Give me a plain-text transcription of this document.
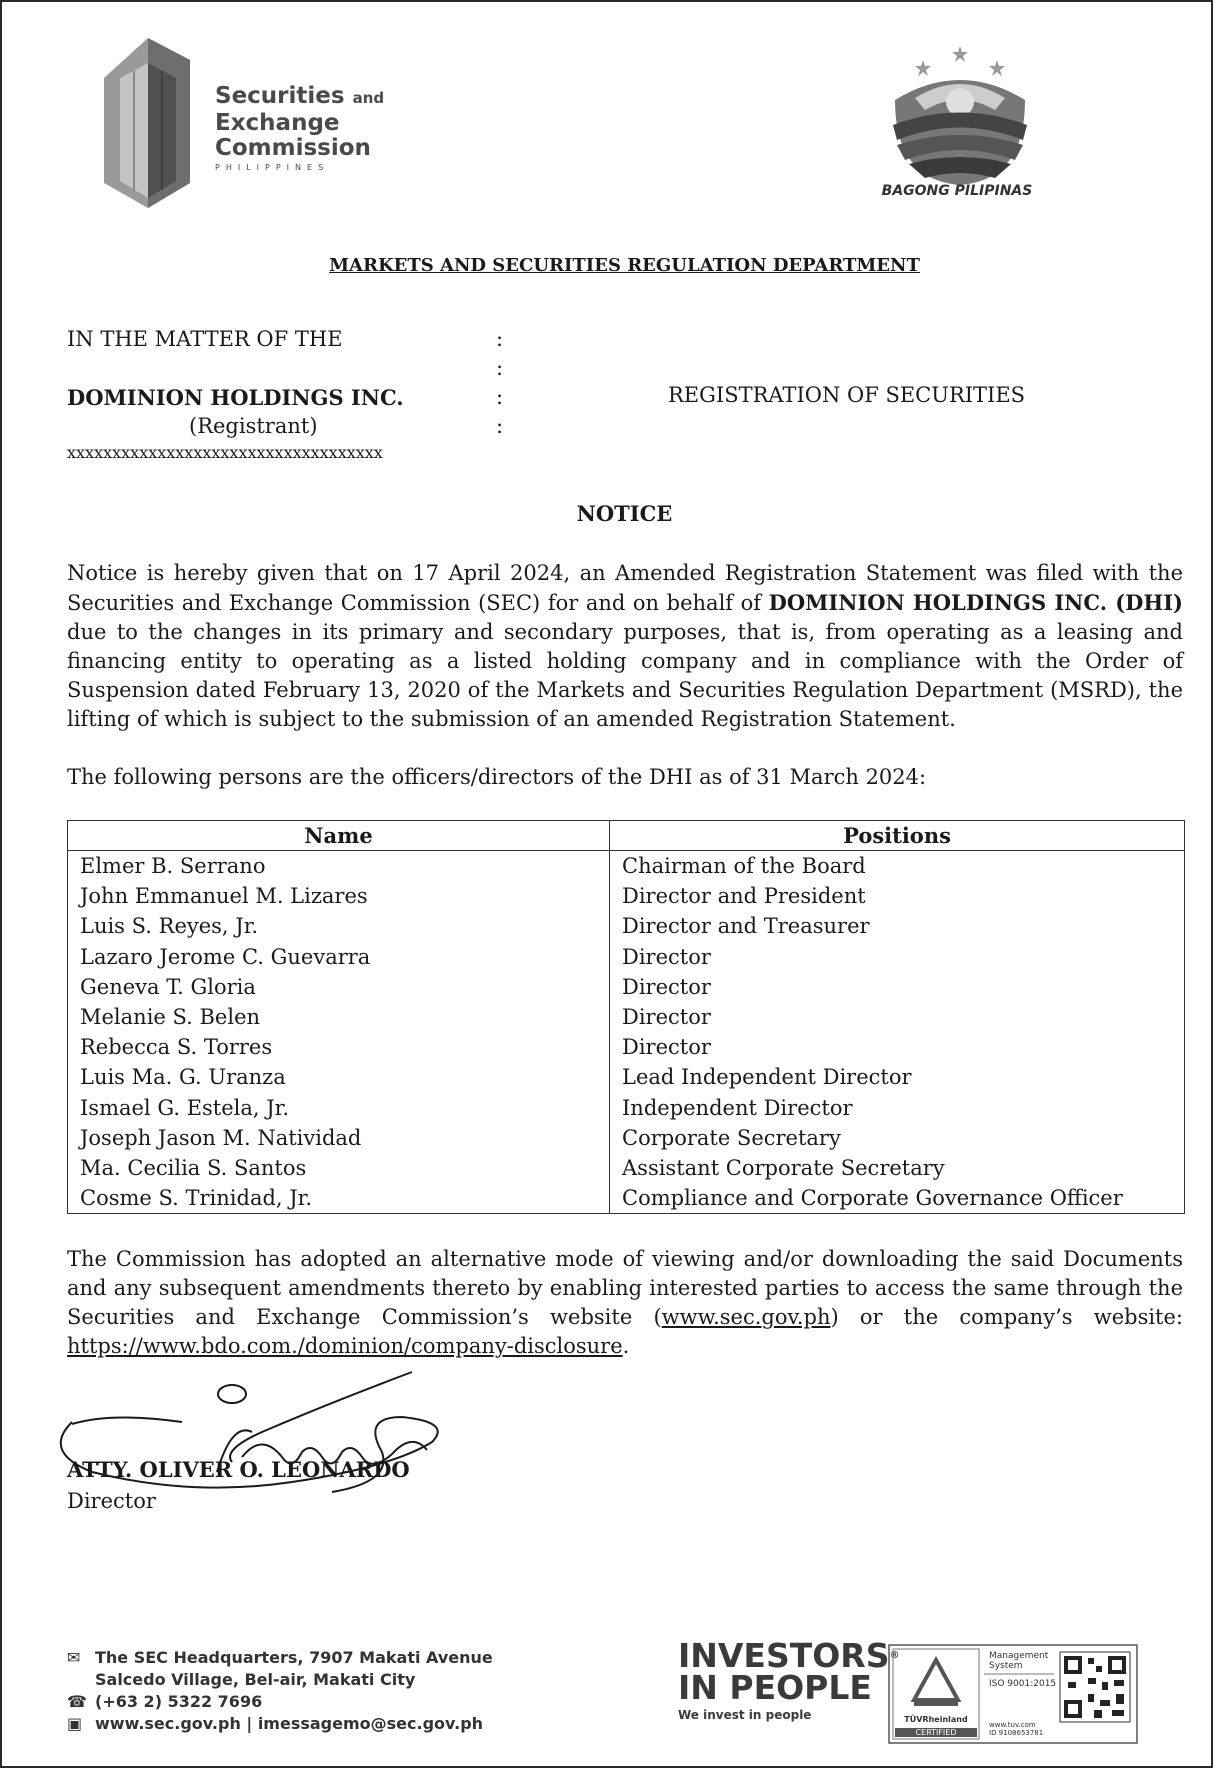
Securities and
Exchange
Commission
PHILIPPINES
BAGONG PILIPINAS
MARKETS AND SECURITIES REGULATION DEPARTMENT
IN THE MATTER OF THE

DOMINION HOLDINGS INC.
(Registrant)
:
:
:
:
REGISTRATION OF SECURITIES
xxxxxxxxxxxxxxxxxxxxxxxxxxxxxxxxxxx
NOTICE
Notice is hereby given that on 17 April 2024, an Amended Registration Statement was filed with the Securities and Exchange Commission (SEC) for and on behalf of DOMINION HOLDINGS INC. (DHI) due to the changes in its primary and secondary purposes, that is, from operating as a leasing and financing entity to operating as a listed holding company and in compliance with the Order of Suspension dated February 13, 2020 of the Markets and Securities Regulation Department (MSRD), the lifting of which is subject to the submission of an amended Registration Statement.
The following persons are the officers/directors of the DHI as of 31 March 2024:
Name	Positions
Elmer B. Serrano	Chairman of the Board
John Emmanuel M. Lizares	Director and President
Luis S. Reyes, Jr.	Director and Treasurer
Lazaro Jerome C. Guevarra	Director
Geneva T. Gloria	Director
Melanie S. Belen	Director
Rebecca S. Torres	Director
Luis Ma. G. Uranza	Lead Independent Director
Ismael G. Estela, Jr.	Independent Director
Joseph Jason M. Natividad	Corporate Secretary
Ma. Cecilia S. Santos	Assistant Corporate Secretary
Cosme S. Trinidad, Jr.	Compliance and Corporate Governance Officer
The Commission has adopted an alternative mode of viewing and/or downloading the said Documents and any subsequent amendments thereto by enabling interested parties to access the same through the Securities and Exchange Commission’s website (www.sec.gov.ph) or the company’s website: https://www.bdo.com./dominion/company-disclosure.
ATTY. OLIVER O. LEONARDO
Director
✉ The SEC Headquarters, 7907 Makati Avenue
Salcedo Village, Bel-air, Makati City
☎ (+63 2) 5322 7696
▣ www.sec.gov.ph | imessagemo@sec.gov.ph
INVESTORS®
IN PEOPLE
We invest in people	TÜVRheinland
CERTIFIED
Management
System
ISO 9001:2015
www.tuv.com
ID 9108653781
